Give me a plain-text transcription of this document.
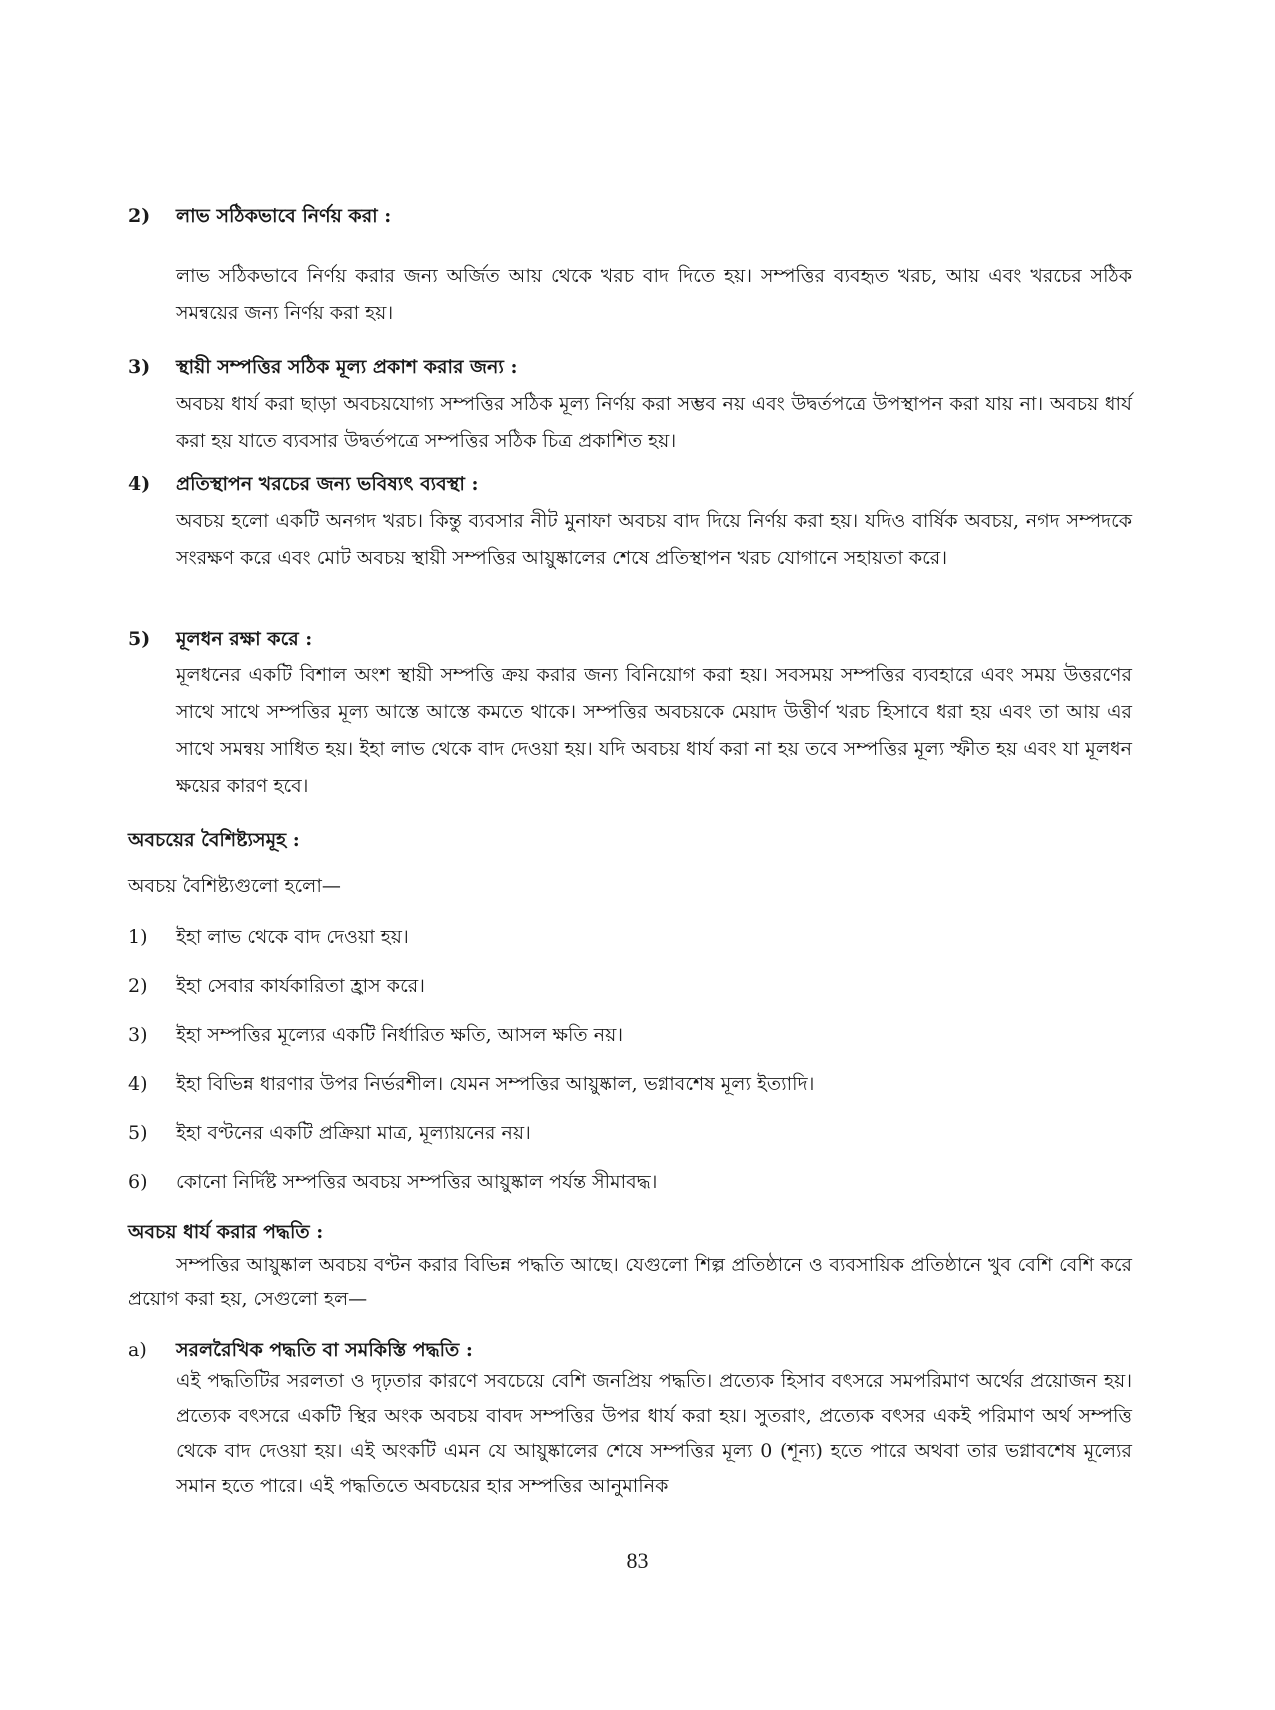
2) লাভ সঠিকভাবে নির্ণয় করা :
লাভ সঠিকভাবে নির্ণয় করার জন্য অর্জিত আয় থেকে খরচ বাদ দিতে হয়। সম্পত্তির ব্যবহৃত খরচ, আয় এবং খরচের সঠিক সমন্বয়ের জন্য নির্ণয় করা হয়।
3) স্থায়ী সম্পত্তির সঠিক মূল্য প্রকাশ করার জন্য :
অবচয় ধার্য করা ছাড়া অবচয়যোগ্য সম্পত্তির সঠিক মূল্য নির্ণয় করা সম্ভব নয় এবং উদ্বর্তপত্রে উপস্থাপন করা যায় না। অবচয় ধার্য করা হয় যাতে ব্যবসার উদ্বর্তপত্রে সম্পত্তির সঠিক চিত্র প্রকাশিত হয়।
4) প্রতিস্থাপন খরচের জন্য ভবিষ্যৎ ব্যবস্থা :
অবচয় হলো একটি অনগদ খরচ। কিন্তু ব্যবসার নীট মুনাফা অবচয় বাদ দিয়ে নির্ণয় করা হয়। যদিও বার্ষিক অবচয়, নগদ সম্পদকে সংরক্ষণ করে এবং মোট অবচয় স্থায়ী সম্পত্তির আয়ুষ্কালের শেষে প্রতিস্থাপন খরচ যোগানে সহায়তা করে।
5) মূলধন রক্ষা করে :
মূলধনের একটি বিশাল অংশ স্থায়ী সম্পত্তি ক্রয় করার জন্য বিনিয়োগ করা হয়। সবসময় সম্পত্তির ব্যবহারে এবং সময় উত্তরণের সাথে সাথে সম্পত্তির মূল্য আস্তে আস্তে কমতে থাকে। সম্পত্তির অবচয়কে মেয়াদ উত্তীর্ণ খরচ হিসাবে ধরা হয় এবং তা আয় এর সাথে সমন্বয় সাধিত হয়। ইহা লাভ থেকে বাদ দেওয়া হয়। যদি অবচয় ধার্য করা না হয় তবে সম্পত্তির মূল্য স্ফীত হয় এবং যা মূলধন ক্ষয়ের কারণ হবে।
অবচয়ের বৈশিষ্ট্যসমূহ :
অবচয় বৈশিষ্ট্যগুলো হলো—
1) ইহা লাভ থেকে বাদ দেওয়া হয়।
2) ইহা সেবার কার্যকারিতা হ্রাস করে।
3) ইহা সম্পত্তির মূল্যের একটি নির্ধারিত ক্ষতি, আসল ক্ষতি নয়।
4) ইহা বিভিন্ন ধারণার উপর নির্ভরশীল। যেমন সম্পত্তির আয়ুষ্কাল, ভগ্নাবশেষ মূল্য ইত্যাদি।
5) ইহা বণ্টনের একটি প্রক্রিয়া মাত্র, মূল্যায়নের নয়।
6) কোনো নির্দিষ্ট সম্পত্তির অবচয় সম্পত্তির আয়ুষ্কাল পর্যন্ত সীমাবদ্ধ।
অবচয় ধার্য করার পদ্ধতি :
সম্পত্তির আয়ুষ্কাল অবচয় বণ্টন করার বিভিন্ন পদ্ধতি আছে। যেগুলো শিল্প প্রতিষ্ঠানে ও ব্যবসায়িক প্রতিষ্ঠানে খুব বেশি বেশি করে প্রয়োগ করা হয়, সেগুলো হল—
a) সরলরৈখিক পদ্ধতি বা সমকিস্তি পদ্ধতি :
এই পদ্ধতিটির সরলতা ও দৃঢ়তার কারণে সবচেয়ে বেশি জনপ্রিয় পদ্ধতি। প্রত্যেক হিসাব বৎসরে সমপরিমাণ অর্থের প্রয়োজন হয়। প্রত্যেক বৎসরে একটি স্থির অংক অবচয় বাবদ সম্পত্তির উপর ধার্য করা হয়। সুতরাং, প্রত্যেক বৎসর একই পরিমাণ অর্থ সম্পত্তি থেকে বাদ দেওয়া হয়। এই অংকটি এমন যে আয়ুষ্কালের শেষে সম্পত্তির মূল্য 0 (শূন্য) হতে পারে অথবা তার ভগ্নাবশেষ মূল্যের সমান হতে পারে। এই পদ্ধতিতে অবচয়ের হার সম্পত্তির আনুমানিক
83
